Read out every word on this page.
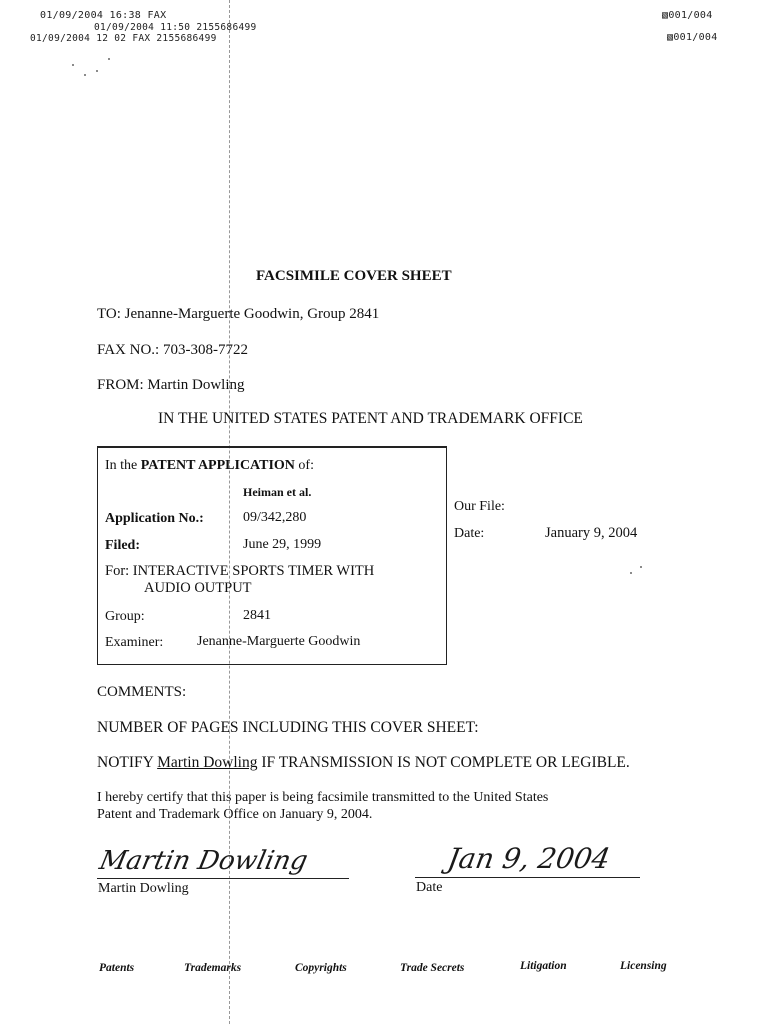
01/09/2004 16:38 FAX	▧001/004
01/09/2004 11:50 2155686499
01/09/2004 12 02 FAX 2155686499	▧001/004
FACSIMILE COVER SHEET
TO: Jenanne-Marguerte Goodwin, Group 2841
FAX NO.: 703-308-7722
FROM: Martin Dowling
IN THE UNITED STATES PATENT AND TRADEMARK OFFICE
In the PATENT APPLICATION of:
Heiman et al.
Application No.:	09/342,280
Filed:	June 29, 1999
For: INTERACTIVE SPORTS TIMER WITH
AUDIO OUTPUT
Group:	2841
Examiner: Jenanne-Marguerte Goodwin
Our File:
Date:	January 9, 2004
COMMENTS:
NUMBER OF PAGES INCLUDING THIS COVER SHEET:
NOTIFY Martin Dowling IF TRANSMISSION IS NOT COMPLETE OR LEGIBLE.
I hereby certify that this paper is being facsimile transmitted to the United States
Patent and Trademark Office on January 9, 2004.
Martin Dowling
Martin Dowling
Jan 9, 2004
Date
Patents	Trademarks	Copyrights	Trade Secrets	Litigation	Licensing
